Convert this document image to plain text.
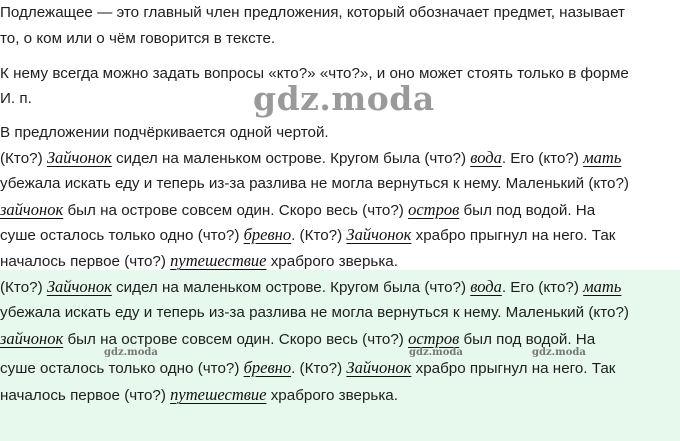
Подлежащее — это главный член предложения, который обозначает предмет, называет
то, о ком или о чём говорится в тексте.
К нему всегда можно задать вопросы «кто?» «что?», и оно может стоять только в форме
И. п.	gdz.moda
В предложении подчёркивается одной чертой.
(Кто?) Зайчонок сидел на маленьком острове. Кругом была (что?) вода. Его (кто?) мать
убежала искать еду и теперь из-за разлива не могла вернуться к нему. Маленький (кто?)
зайчонок был на острове совсем один. Скоро весь (что?) остров был под водой. На
суше осталось только одно (что?) бревно. (Кто?) Зайчонок храбро прыгнул на него. Так
началось первое (что?) путешествие храброго зверька.
(Кто?) Зайчонок сидел на маленьком острове. Кругом была (что?) вода. Его (кто?) мать
убежала искать еду и теперь из-за разлива не могла вернуться к нему. Маленький (кто?)
зайчонок был на острове совсем один. Скоро весь (что?) остров был под водой. На
суше осталось только одно (что?) бревно. (Кто?) Зайчонок храбро прыгнул на него. Так
началось первое (что?) путешествие храброго зверька.
gdz.moda	gdz.moda	gdz.moda
